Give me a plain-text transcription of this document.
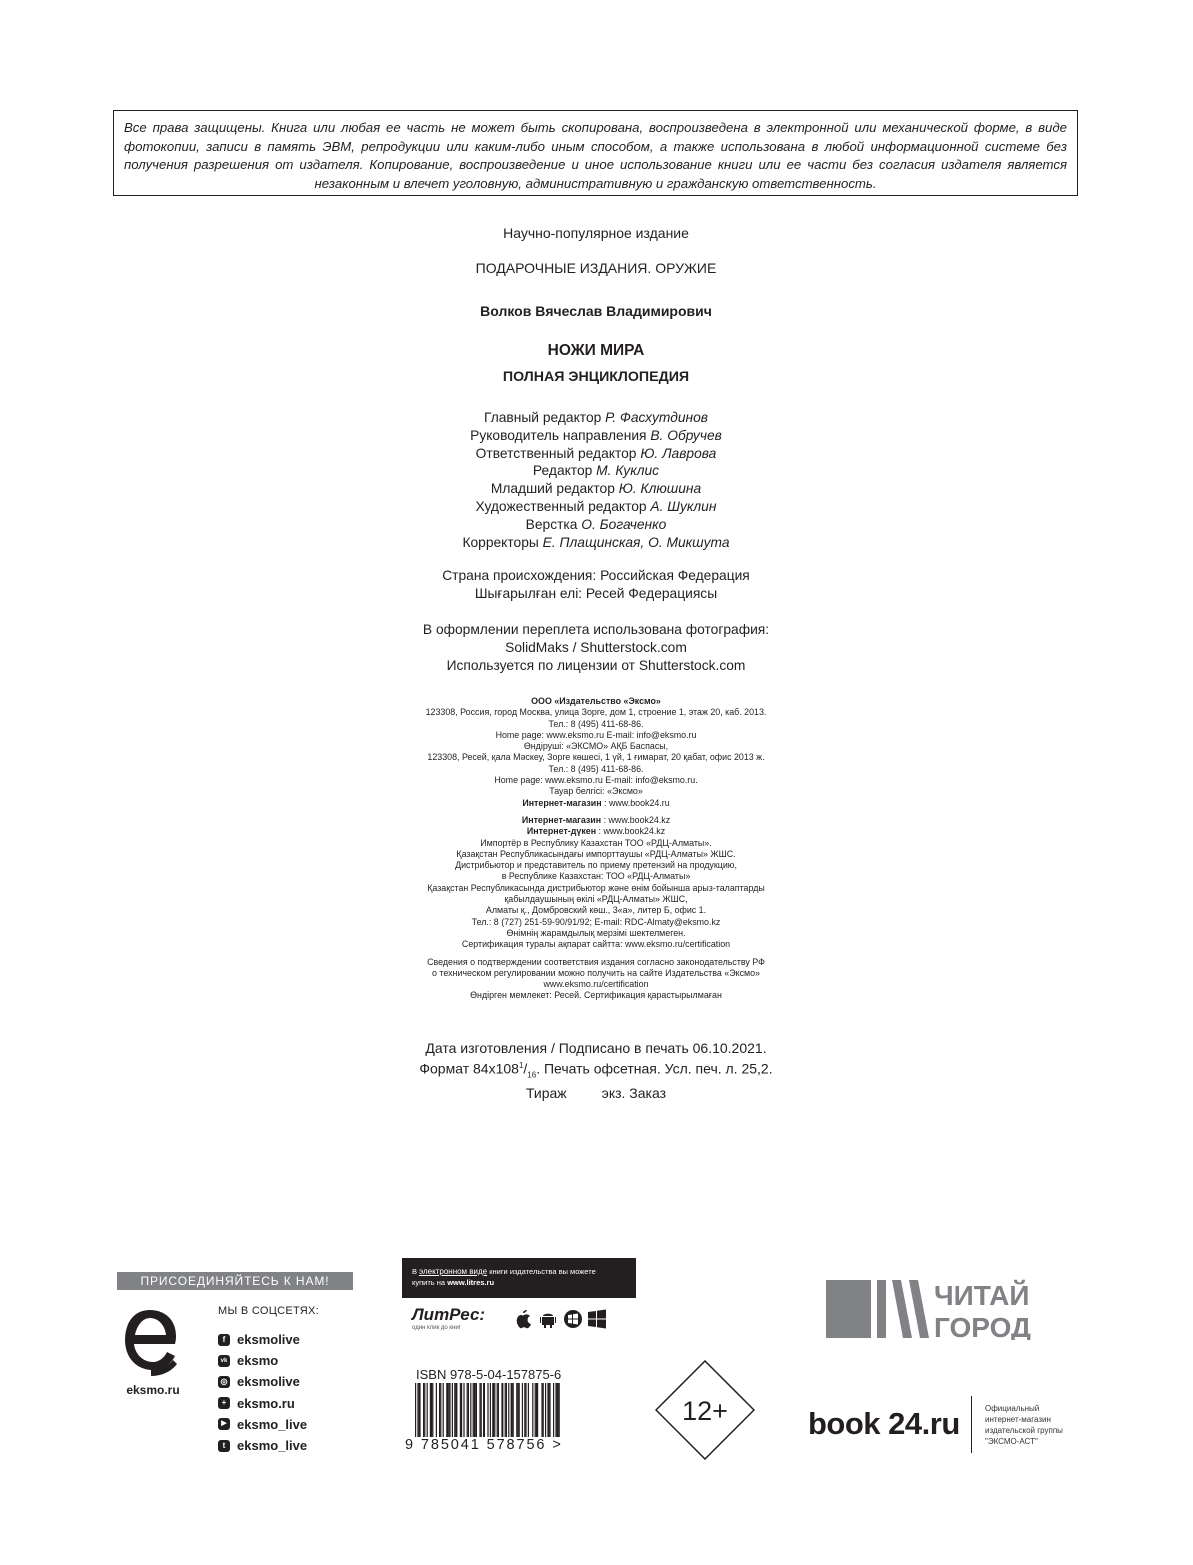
Все права защищены. Книга или любая ее часть не может быть скопирована, воспроизведена в электронной или механической форме, в виде фотокопии, записи в память ЭВМ, репродукции или каким-либо иным способом, а также использована в любой информационной системе без получения разрешения от издателя. Копирование, воспроизведение и иное использование книги или ее части без согласия издателя является незаконным и влечет уголовную, административную и гражданскую ответственность.
Научно-популярное издание
ПОДАРОЧНЫЕ ИЗДАНИЯ. ОРУЖИЕ
Волков Вячеслав Владимирович
НОЖИ МИРА
ПОЛНАЯ ЭНЦИКЛОПЕДИЯ
Главный редактор Р. Фасхутдинов
Руководитель направления В. Обручев
Ответственный редактор Ю. Лаврова
Редактор М. Куклис
Младший редактор Ю. Клюшина
Художественный редактор А. Шуклин
Верстка О. Богаченко
Корректоры Е. Плащинская, О. Микшута
Страна происхождения: Российская Федерация
Шығарылған елі: Ресей Федерациясы
В оформлении переплета использована фотография:
SolidMaks / Shutterstock.com
Используется по лицензии от Shutterstock.com
ООО «Издательство «Эксмо»
123308, Россия, город Москва, улица Зорге, дом 1, строение 1, этаж 20, каб. 2013.
Тел.: 8 (495) 411-68-86.
Home page: www.eksmo.ru E-mail: info@eksmo.ru
Өндіруші: «ЭКСМО» АҚБ Баспасы,
123308, Ресей, қала Мәскеу, Зорге көшесі, 1 үй, 1 ғимарат, 20 қабат, офис 2013 ж.
Тел.: 8 (495) 411-68-86.
Home page: www.eksmo.ru E-mail: info@eksmo.ru.
Тауар белгісі: «Эксмо»
Интернет-магазин : www.book24.ru
Интернет-магазин : www.book24.kz
Интернет-дүкен : www.book24.kz
Импортёр в Республику Казахстан ТОО «РДЦ-Алматы».
Қазақстан Республикасындағы импорттаушы «РДЦ-Алматы» ЖШС.
Дистрибьютор и представитель по приему претензий на продукцию,
в Республике Казахстан: ТОО «РДЦ-Алматы»
Қазақстан Республикасында дистрибьютор және өнім бойынша арыз-талаптарды
қабылдаушының өкілі «РДЦ-Алматы» ЖШС,
Алматы қ., Домбровский көш., 3«а», литер Б, офис 1.
Тел.: 8 (727) 251-59-90/91/92; E-mail: RDC-Almaty@eksmo.kz
Өнімнің жарамдылық мерзімі шектелмеген.
Сертификация туралы ақпарат сайтта: www.eksmo.ru/certification
Сведения о подтверждении соответствия издания согласно законодательству РФ
о техническом регулировании можно получить на сайте Издательства «Эксмо»
www.eksmo.ru/certification
Өндірген мемлекет: Ресей. Сертификация қарастырылмаған
Дата изготовления / Подписано в печать 06.10.2021.
Формат $84x108^1/_{16}$. Печать офсетная. Усл. печ. л. 25,2.
Тираж         экз. Заказ
ПРИСОЕДИНЯЙТЕСЬ К НАМ!
eksmo.ru
МЫ В СОЦСЕТЯХ:
f eksmolive
vk eksmo
◎ eksmolive
+ eksmo.ru
▶ eksmo_live
t eksmo_live
В электронном виде книги издательства вы можете
купить на www.litres.ru
ЛитРес:
один клик до книг
ISBN 978-5-04-157875-6
9 785041 578756 >
12+
ЧИТАЙ
ГОРОД
book 24.ru	Официальный
интернет-магазин
издательской группы
"ЭКСМО-АСТ"
